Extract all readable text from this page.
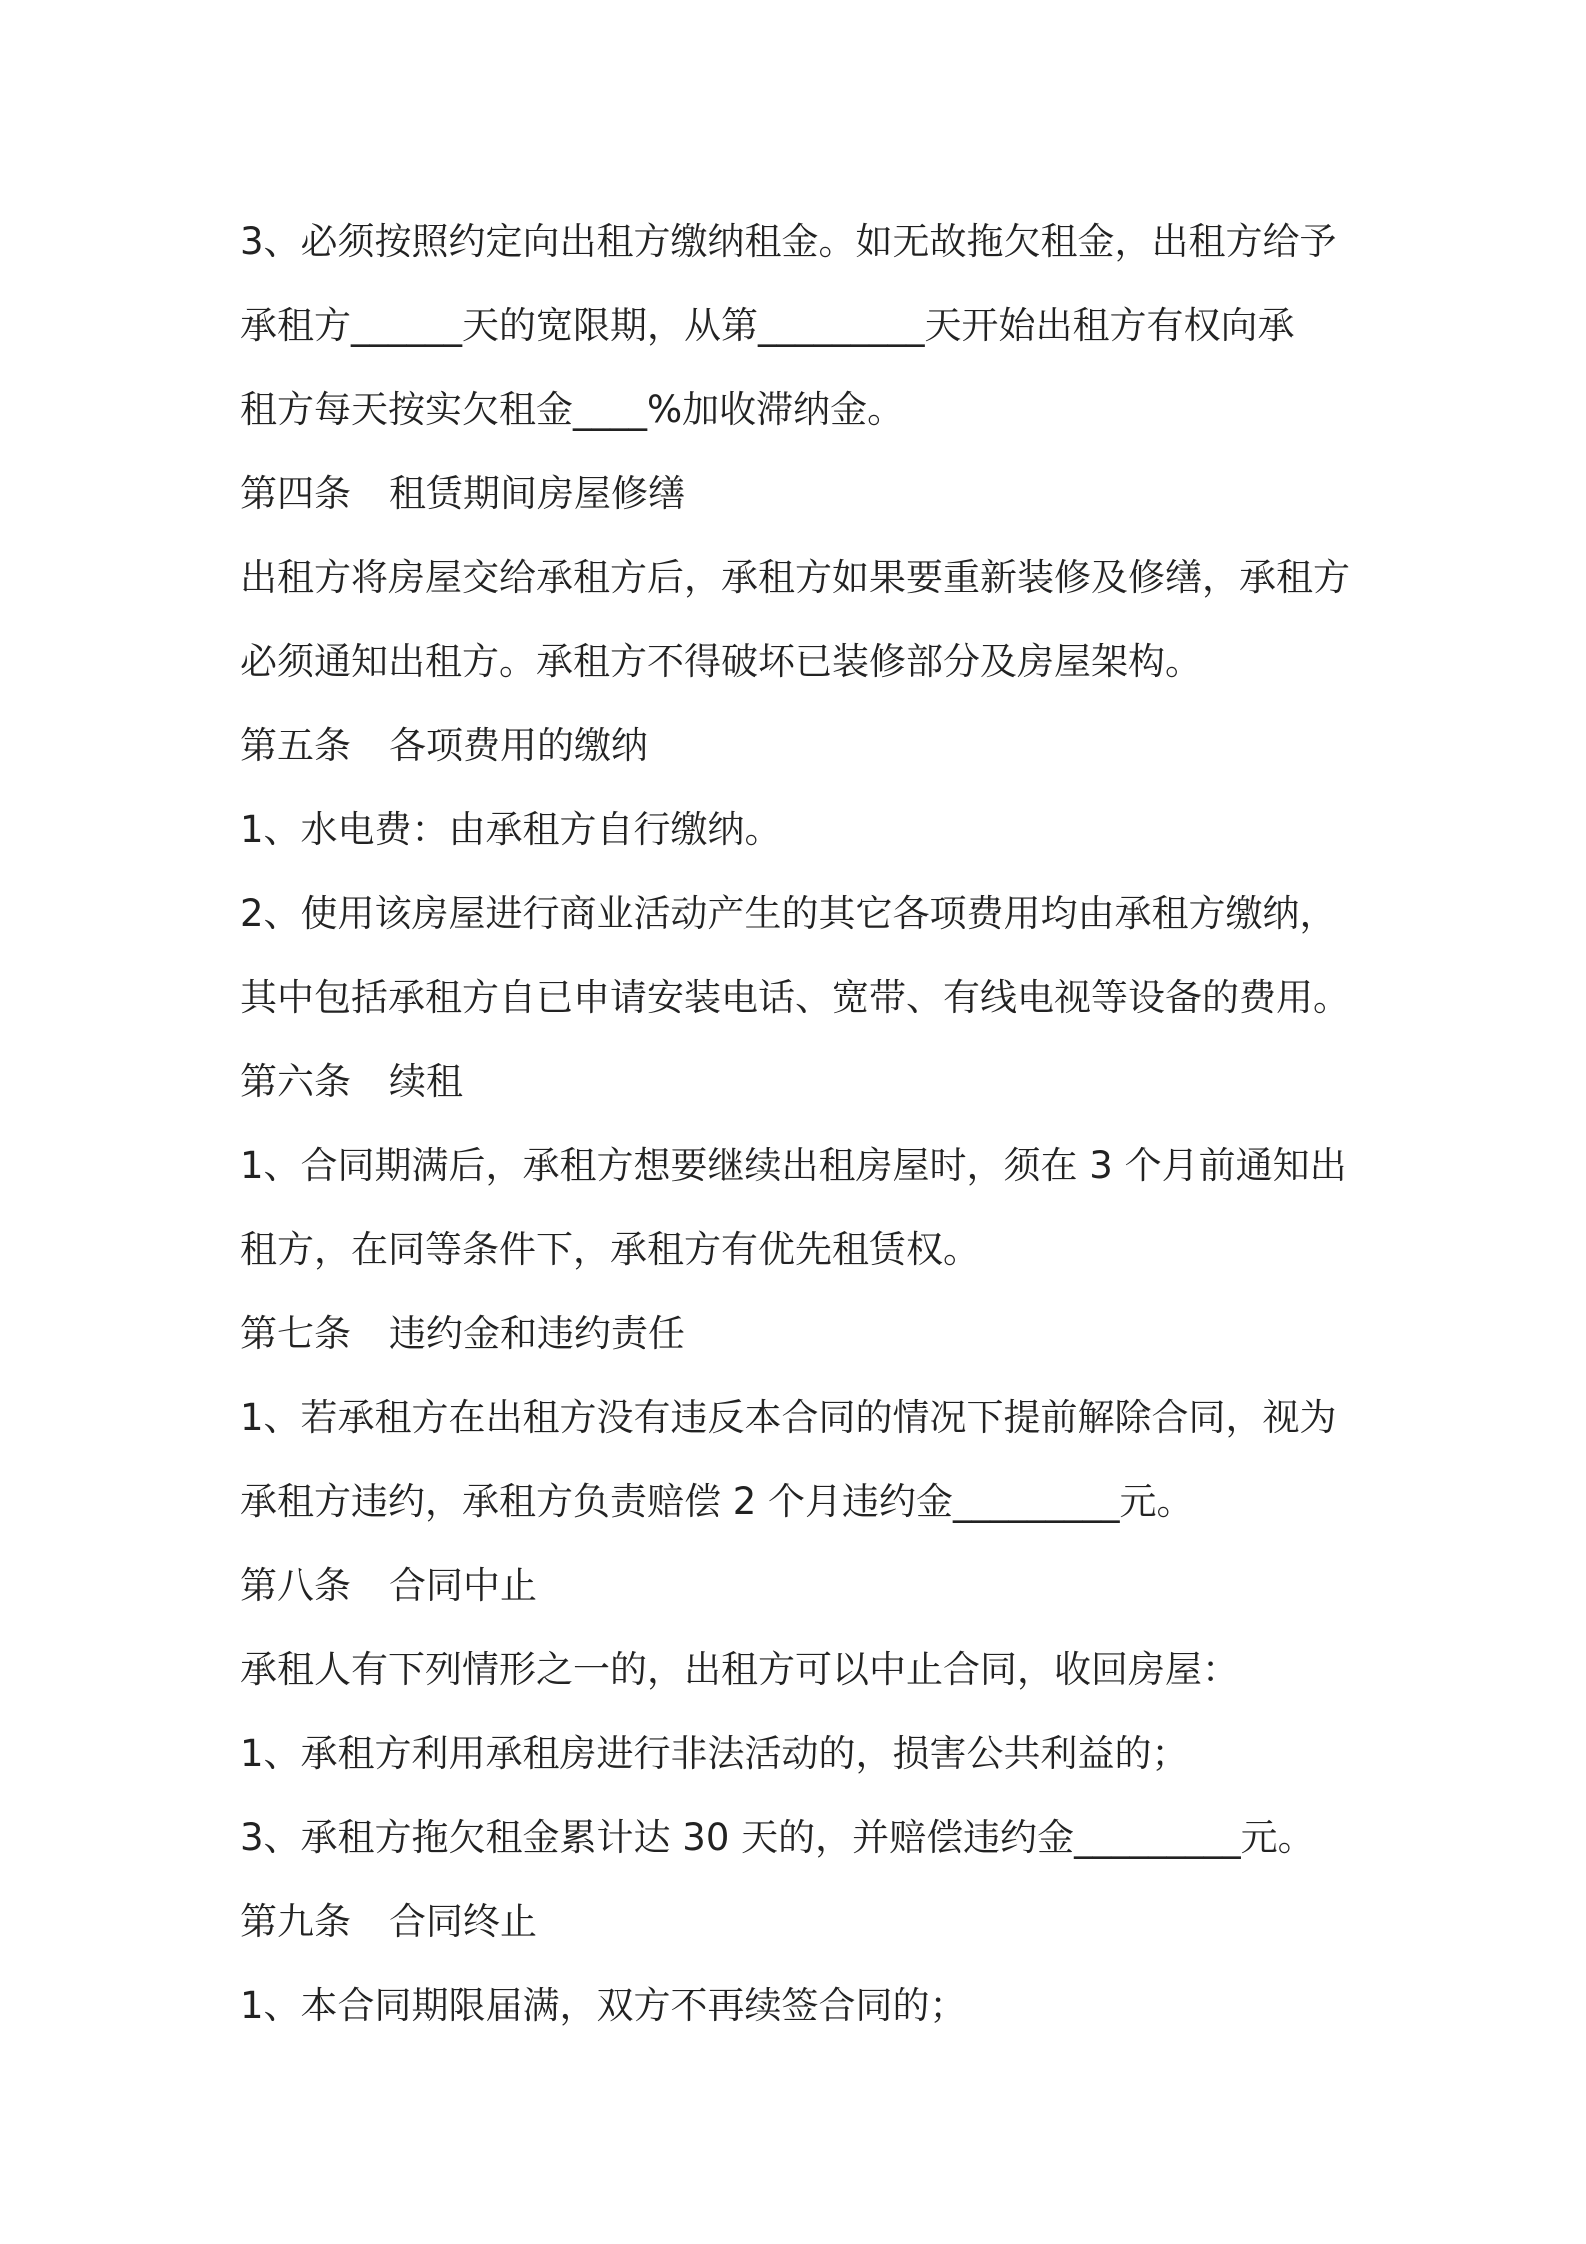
3、必须按照约定向出租方缴纳租金。如无故拖欠租金，出租方给予

承租方______天的宽限期，从第_________天开始出租方有权向承

租方每天按实欠租金____%加收滞纳金。

第四条 租赁期间房屋修缮

出租方将房屋交给承租方后，承租方如果要重新装修及修缮，承租方

必须通知出租方。承租方不得破坏已装修部分及房屋架构。

第五条 各项费用的缴纳

1、水电费：由承租方自行缴纳。

2、使用该房屋进行商业活动产生的其它各项费用均由承租方缴纳，

其中包括承租方自已申请安装电话、宽带、有线电视等设备的费用。

第六条 续租

1、合同期满后，承租方想要继续出租房屋时，须在 3 个月前通知出

租方，在同等条件下，承租方有优先租赁权。

第七条 违约金和违约责任

1、若承租方在出租方没有违反本合同的情况下提前解除合同，视为

承租方违约，承租方负责赔偿 2 个月违约金_________元。

第八条 合同中止

承租人有下列情形之一的，出租方可以中止合同，收回房屋：

1、承租方利用承租房进行非法活动的，损害公共利益的；

3、承租方拖欠租金累计达 30 天的，并赔偿违约金_________元。

第九条 合同终止

1、本合同期限届满，双方不再续签合同的；
